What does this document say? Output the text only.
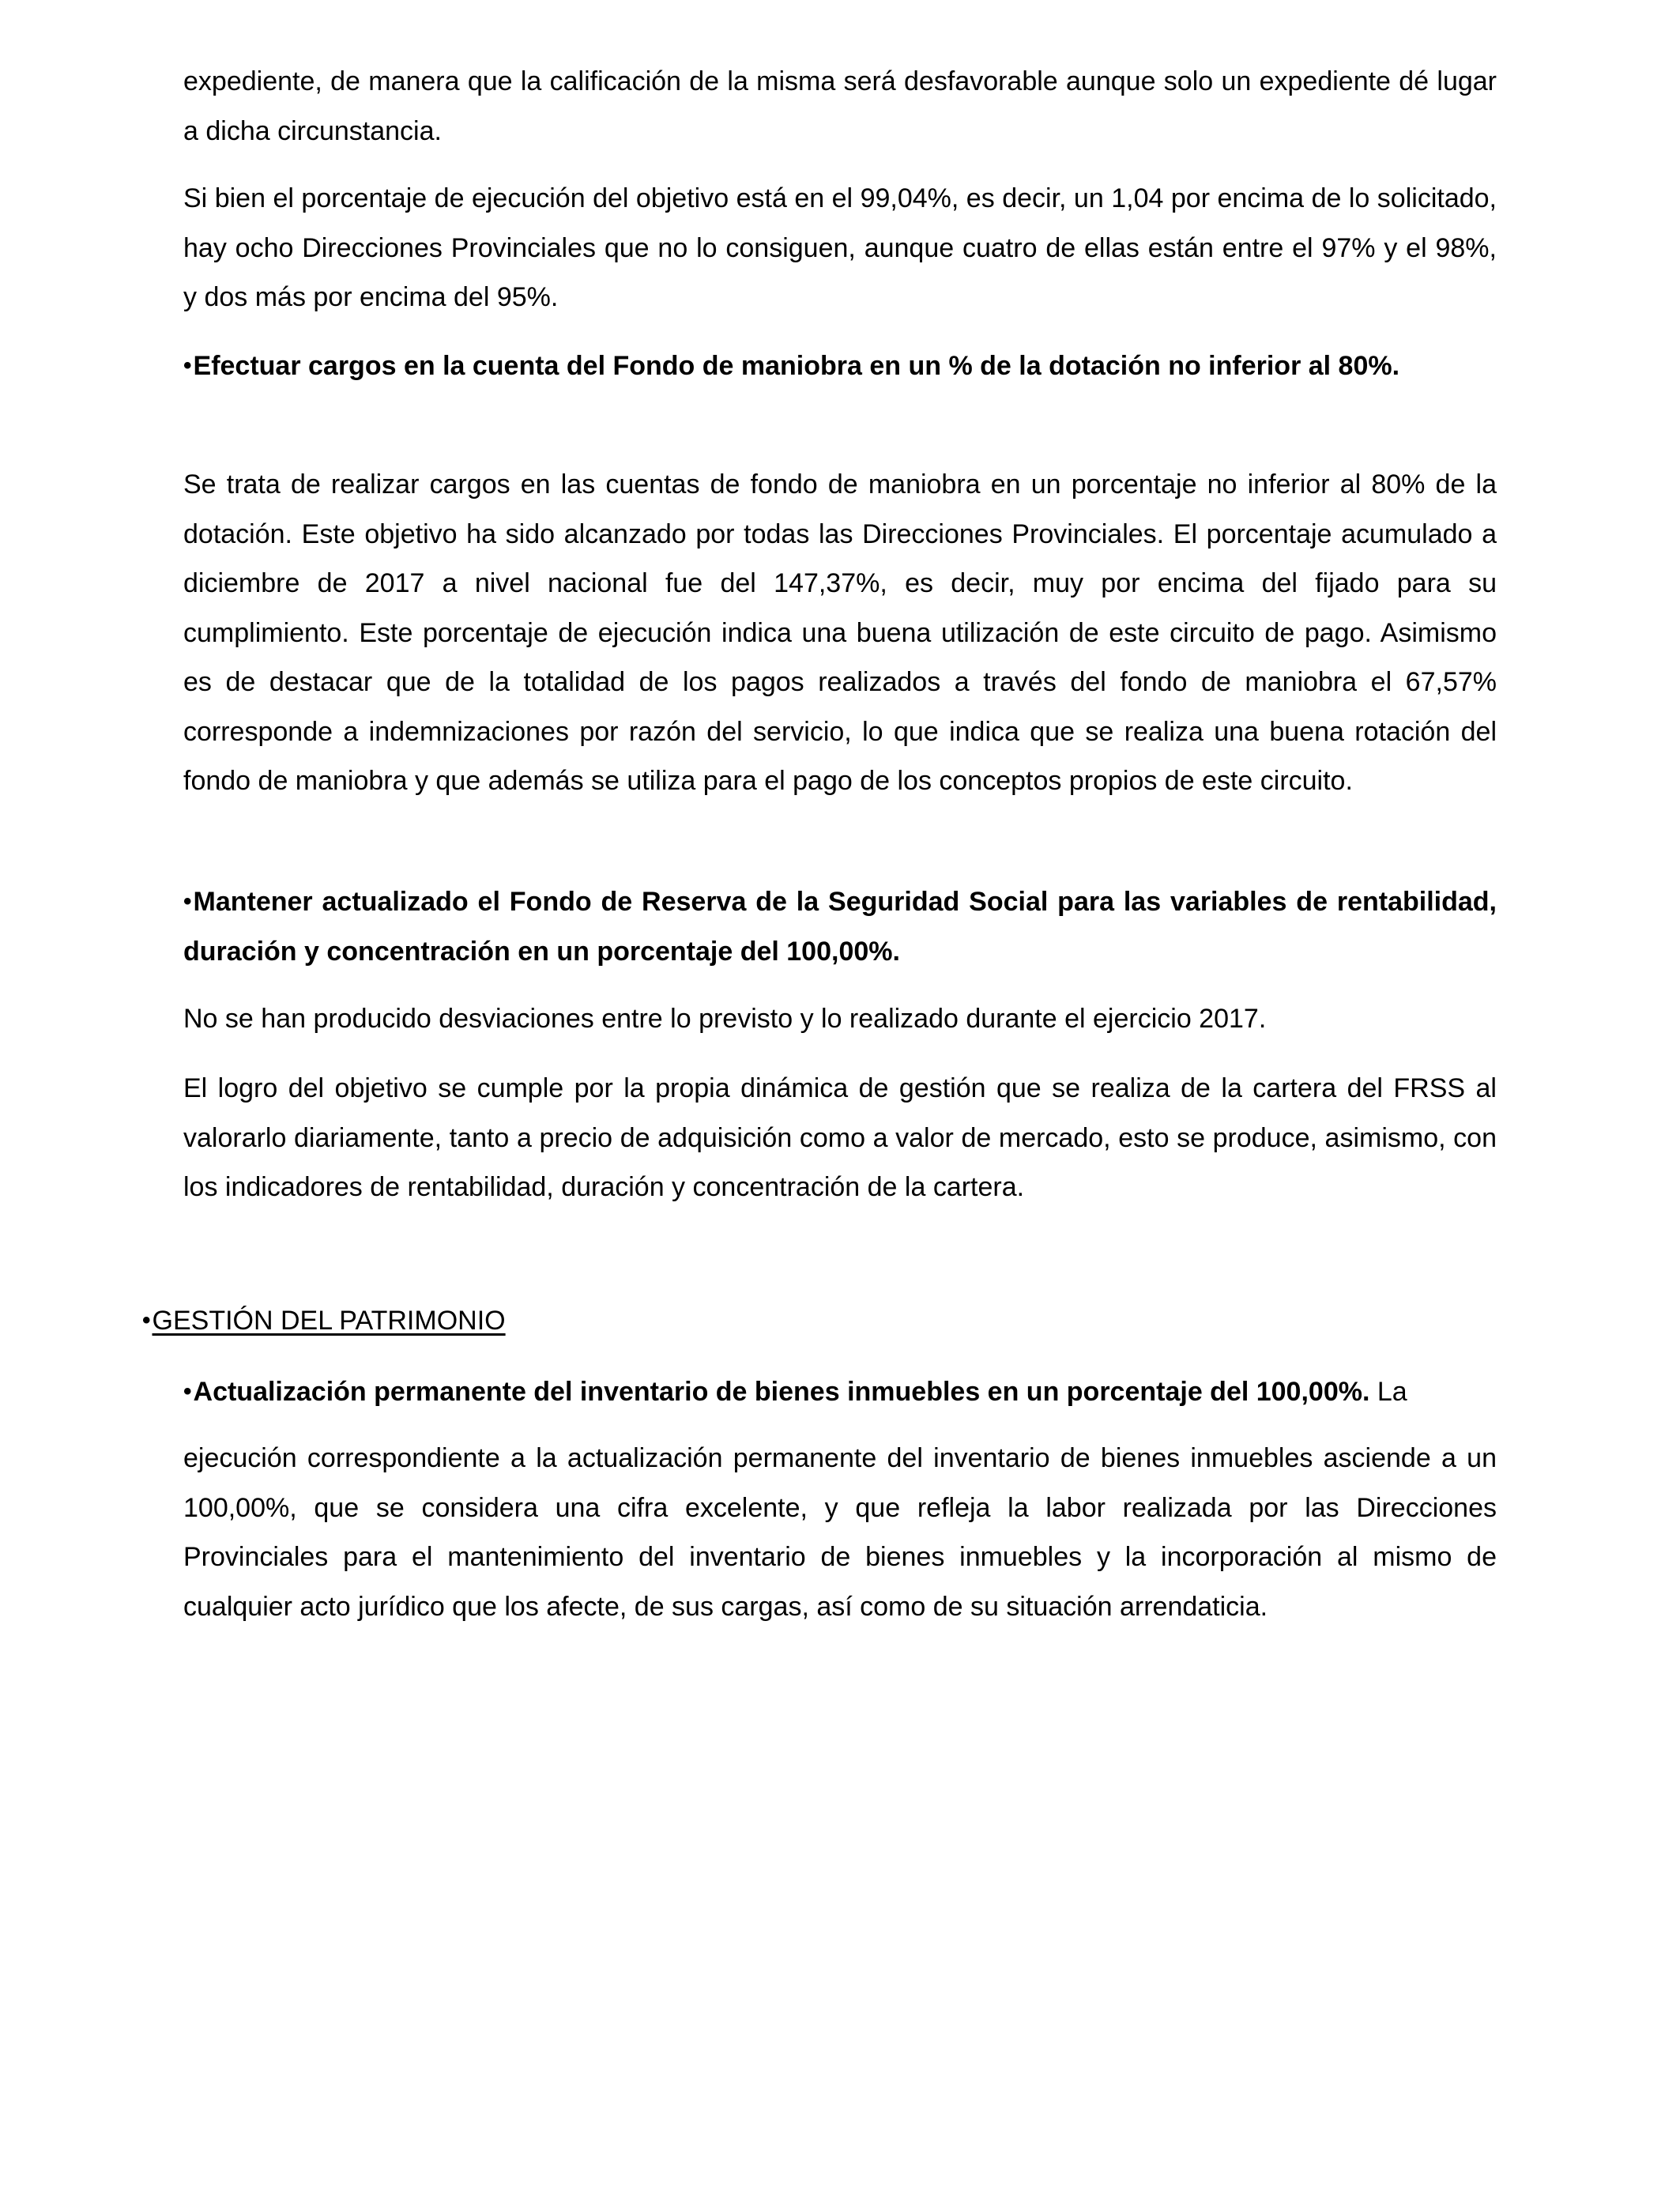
expediente, de manera que la calificación de la misma será desfavorable aunque solo un expediente dé lugar a dicha circunstancia.

Si bien el porcentaje de ejecución del objetivo está en el 99,04%, es decir, un 1,04 por encima de lo solicitado, hay ocho Direcciones Provinciales que no lo consiguen, aunque cuatro de ellas están entre el 97% y el 98%, y dos más por encima del 95%.

•Efectuar cargos en la cuenta del Fondo de maniobra en un % de la dotación no inferior al 80%.

Se trata de realizar cargos en las cuentas de fondo de maniobra en un porcentaje no inferior al 80% de la dotación. Este objetivo ha sido alcanzado por todas las Direcciones Provinciales. El porcentaje acumulado a diciembre de 2017 a nivel nacional fue del 147,37%, es decir, muy por encima del fijado para su cumplimiento. Este porcentaje de ejecución indica una buena utilización de este circuito de pago. Asimismo es de destacar que de la totalidad de los pagos realizados a través del fondo de maniobra el 67,57% corresponde a indemnizaciones por razón del servicio, lo que indica que se realiza una buena rotación del fondo de maniobra y que además se utiliza para el pago de los conceptos propios de este circuito.

•Mantener actualizado el Fondo de Reserva de la Seguridad Social para las variables de rentabilidad, duración y concentración en un porcentaje del 100,00%.

No se han producido desviaciones entre lo previsto y lo realizado durante el ejercicio 2017.

El logro del objetivo se cumple por la propia dinámica de gestión que se realiza de la cartera del FRSS al valorarlo diariamente, tanto a precio de adquisición como a valor de mercado, esto se produce, asimismo, con los indicadores de rentabilidad, duración y concentración de la cartera.

•GESTIÓN DEL PATRIMONIO

•Actualización permanente del inventario de bienes inmuebles en un porcentaje del 100,00%. La

ejecución correspondiente a la actualización permanente del inventario de bienes inmuebles asciende a un 100,00%, que se considera una cifra excelente, y que refleja la labor realizada por las Direcciones Provinciales para el mantenimiento del inventario de bienes inmuebles y la incorporación al mismo de cualquier acto jurídico que los afecte, de sus cargas, así como de su situación arrendaticia.
